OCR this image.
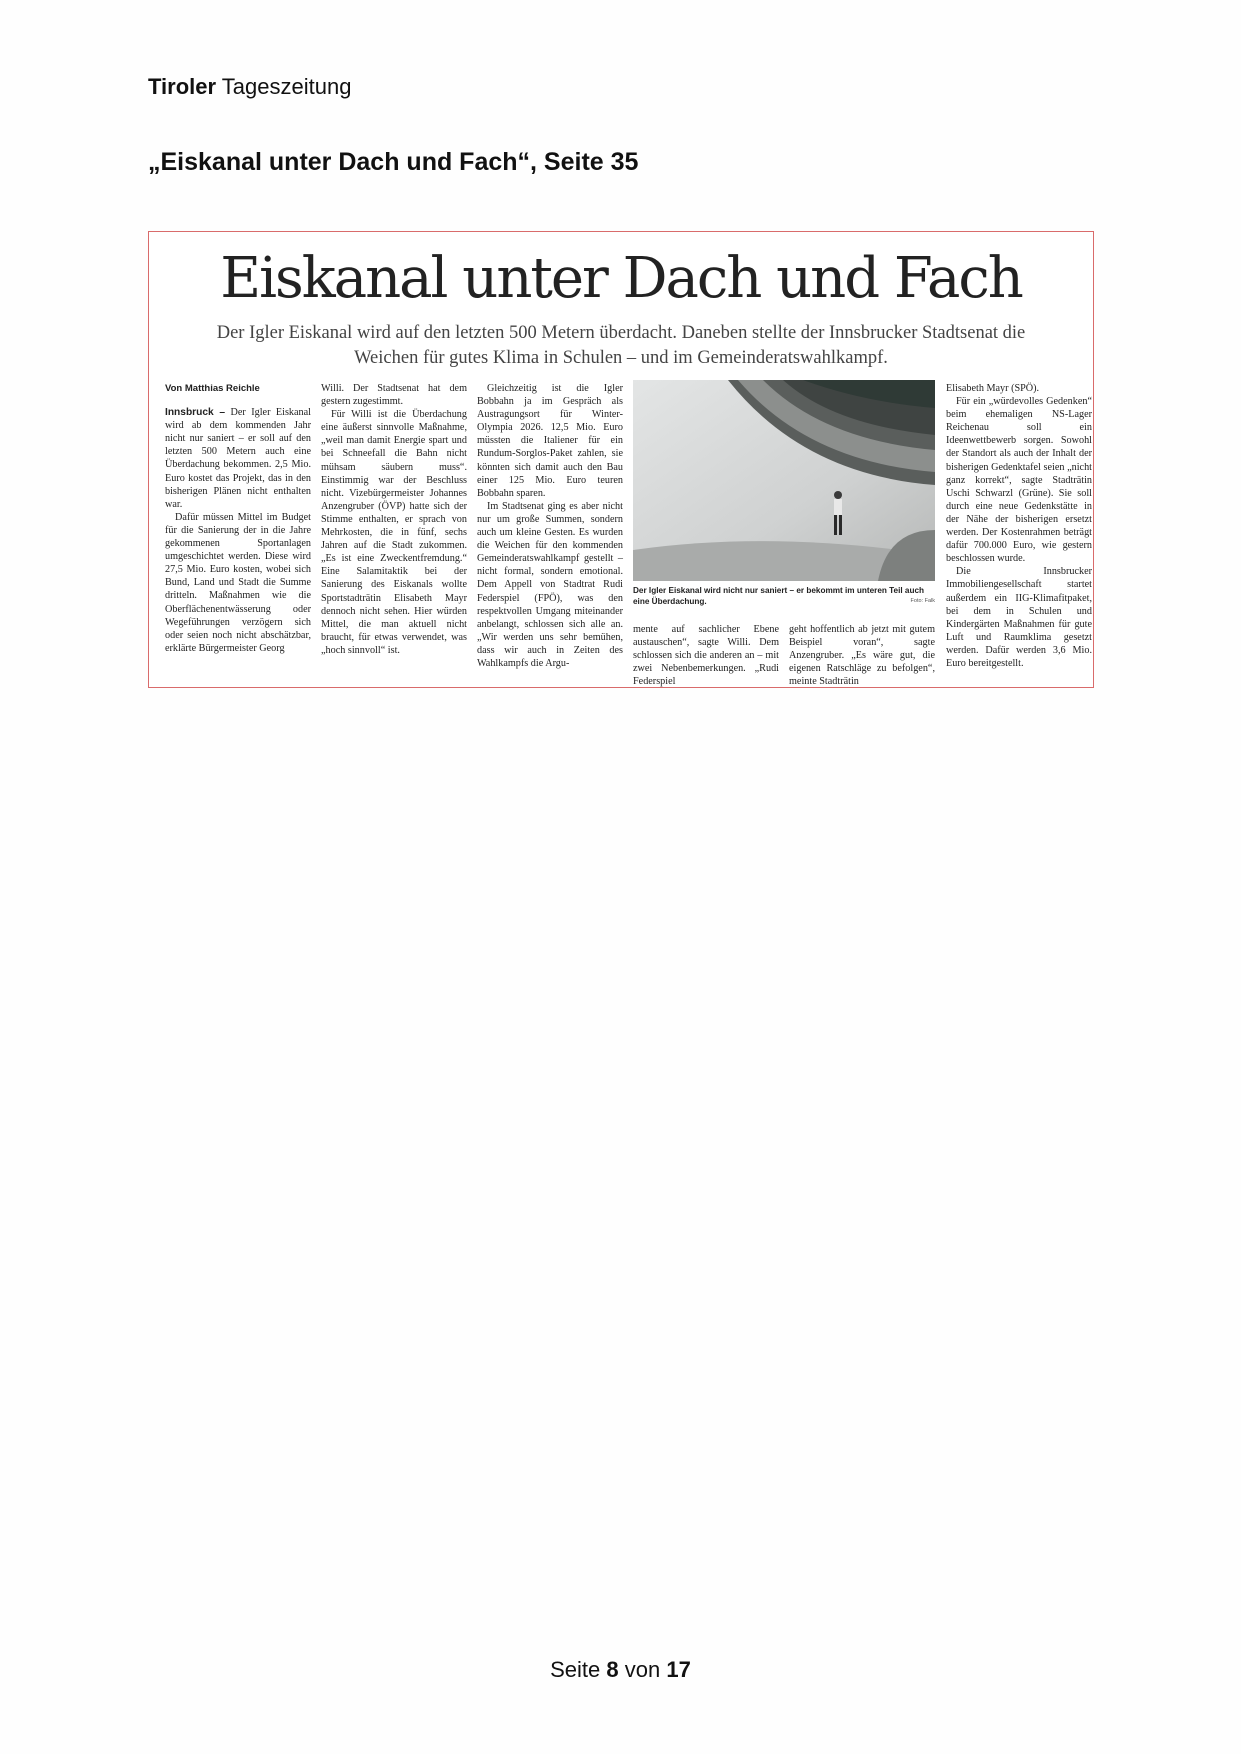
Tiroler Tageszeitung
„Eiskanal unter Dach und Fach“, Seite 35
Eiskanal unter Dach und Fach
Der Igler Eiskanal wird auf den letzten 500 Metern überdacht. Daneben stellte der Innsbrucker Stadtsenat die Weichen für gutes Klima in Schulen – und im Gemeinderatswahlkampf.

Von Matthias Reichle

Innsbruck – Der Igler Eiskanal wird ab dem kommenden Jahr nicht nur saniert – er soll auf den letzten 500 Metern auch eine Überdachung bekommen. 2,5 Mio. Euro kostet das Projekt, das in den bisherigen Plänen nicht enthalten war.

Dafür müssen Mittel im Budget für die Sanierung der in die Jahre gekommenen Sportanlagen umgeschichtet werden. Diese wird 27,5 Mio. Euro kosten, wobei sich Bund, Land und Stadt die Summe dritteln. Maßnahmen wie die Oberflächenentwässerung oder Wegeführungen verzögern sich oder seien noch nicht abschätzbar, erklärte Bürgermeister Georg

Willi. Der Stadtsenat hat dem gestern zugestimmt.

Für Willi ist die Überdachung eine äußerst sinnvolle Maßnahme, „weil man damit Energie spart und bei Schneefall die Bahn nicht mühsam säubern muss“. Einstimmig war der Beschluss nicht. Vizebürgermeister Johannes Anzengruber (ÖVP) hatte sich der Stimme enthalten, er sprach von Mehrkosten, die in fünf, sechs Jahren auf die Stadt zukommen. „Es ist eine Zweckentfremdung.“ Eine Salamitaktik bei der Sanierung des Eiskanals wollte Sportstadträtin Elisabeth Mayr dennoch nicht sehen. Hier würden Mittel, die man aktuell nicht braucht, für etwas verwendet, was „hoch sinnvoll“ ist.

Gleichzeitig ist die Igler Bobbahn ja im Gespräch als Austragungsort für Winter-Olympia 2026. 12,5 Mio. Euro müssten die Italiener für ein Rundum-Sorglos-Paket zahlen, sie könnten sich damit auch den Bau einer 125 Mio. Euro teuren Bobbahn sparen.

Im Stadtsenat ging es aber nicht nur um große Summen, sondern auch um kleine Gesten. Es wurden die Weichen für den kommenden Gemeinderatswahlkampf gestellt – nicht formal, sondern emotional. Dem Appell von Stadtrat Rudi Federspiel (FPÖ), was den respektvollen Umgang miteinander anbelangt, schlossen sich alle an. „Wir werden uns sehr bemühen, dass wir auch in Zeiten des Wahlkampfs die Argu-

Der Igler Eiskanal wird nicht nur saniert – er bekommt im unteren Teil auch eine Überdachung.	Foto: Falk

mente auf sachlicher Ebene austauschen“, sagte Willi. Dem schlossen sich die anderen an – mit zwei Nebenbemerkungen. „Rudi Federspiel

geht hoffentlich ab jetzt mit gutem Beispiel voran“, sagte Anzengruber. „Es wäre gut, die eigenen Ratschläge zu befolgen“, meinte Stadträtin

Elisabeth Mayr (SPÖ).

Für ein „würdevolles Gedenken“ beim ehemaligen NS-Lager Reichenau soll ein Ideenwettbewerb sorgen. Sowohl der Standort als auch der Inhalt der bisherigen Gedenktafel seien „nicht ganz korrekt“, sagte Stadträtin Uschi Schwarzl (Grüne). Sie soll durch eine neue Gedenkstätte in der Nähe der bisherigen ersetzt werden. Der Kostenrahmen beträgt dafür 700.000 Euro, wie gestern beschlossen wurde.

Die Innsbrucker Immobiliengesellschaft startet außerdem ein IIG-Klimafitpaket, bei dem in Schulen und Kindergärten Maßnahmen für gute Luft und Raumklima gesetzt werden. Dafür werden 3,6 Mio. Euro bereitgestellt.

Seite 8 von 17
